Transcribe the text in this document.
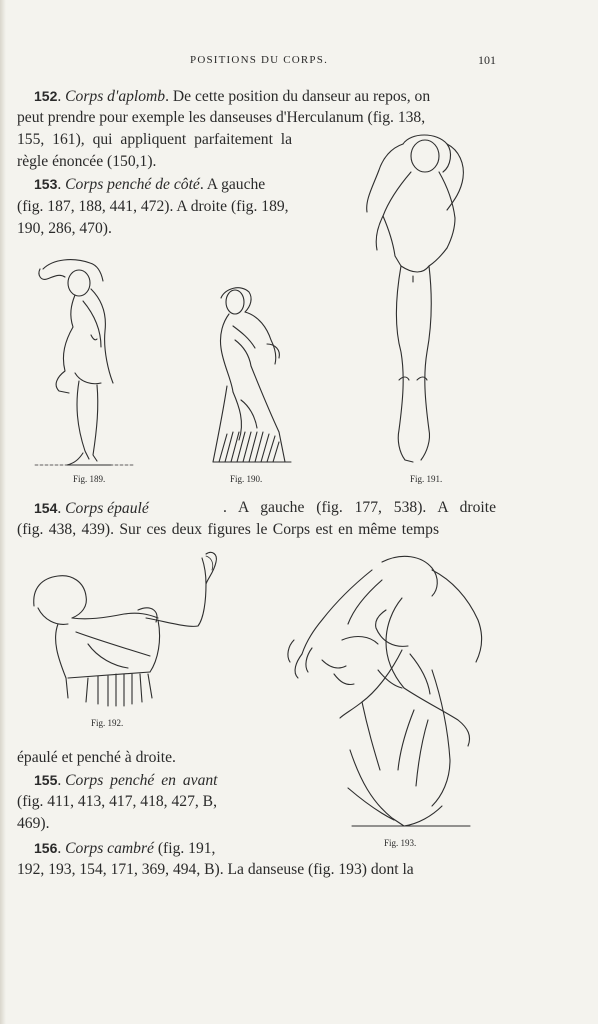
POSITIONS DU CORPS.	101
152. Corps d'aplomb. De cette position du danseur au repos, on
peut prendre pour exemple les danseuses d'Herculanum (fig. 138,
155, 161), qui appliquent parfaitement la
règle énoncée (150,1).
153. Corps penché de côté. A gauche
(fig. 187, 188, 441, 472). A droite (fig. 189,
190, 286, 470).
Fig. 189.	Fig. 190.	Fig. 191.
154. Corps épaulé	. A gauche (fig. 177, 538). A droite
(fig. 438, 439). Sur ces deux figures le Corps est en même temps
Fig. 192.
Fig. 193.
épaulé et penché à droite.
155. Corps penché en avant
(fig. 411, 413, 417, 418, 427, B,
469).
156. Corps cambré (fig. 191,
192, 193, 154, 171, 369, 494, B). La danseuse (fig. 193) dont la
